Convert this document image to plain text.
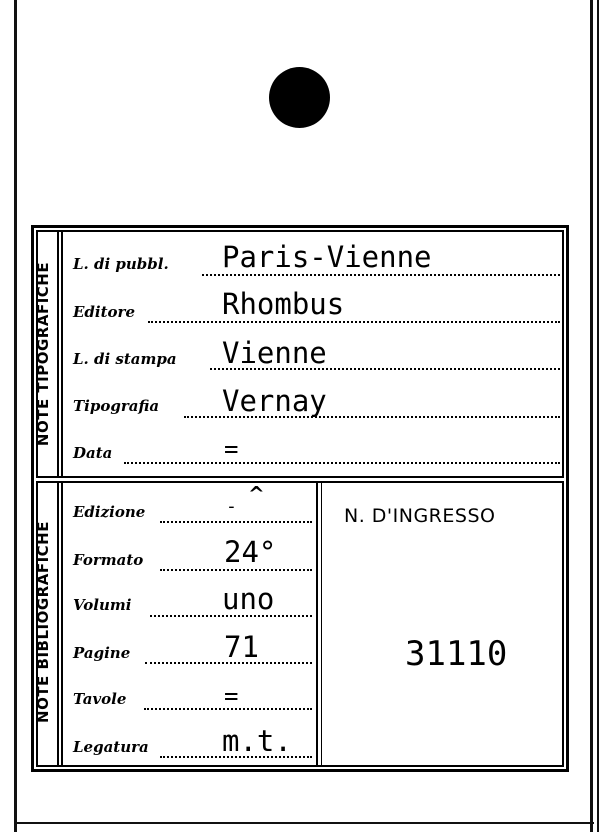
NOTE TIPOGRAFICHE
NOTE BIBLIOGRAFICHE
L. di pubbl. Paris-Vienne
Editore	Rhombus
L. di stampa Vienne
Tipografia Vernay
Data	=
Edizione	-
^
Formato	24°
Volumi	uno
Pagine	71
Tavole	=
Legatura	m.t.
N. D'INGRESSO
31110
